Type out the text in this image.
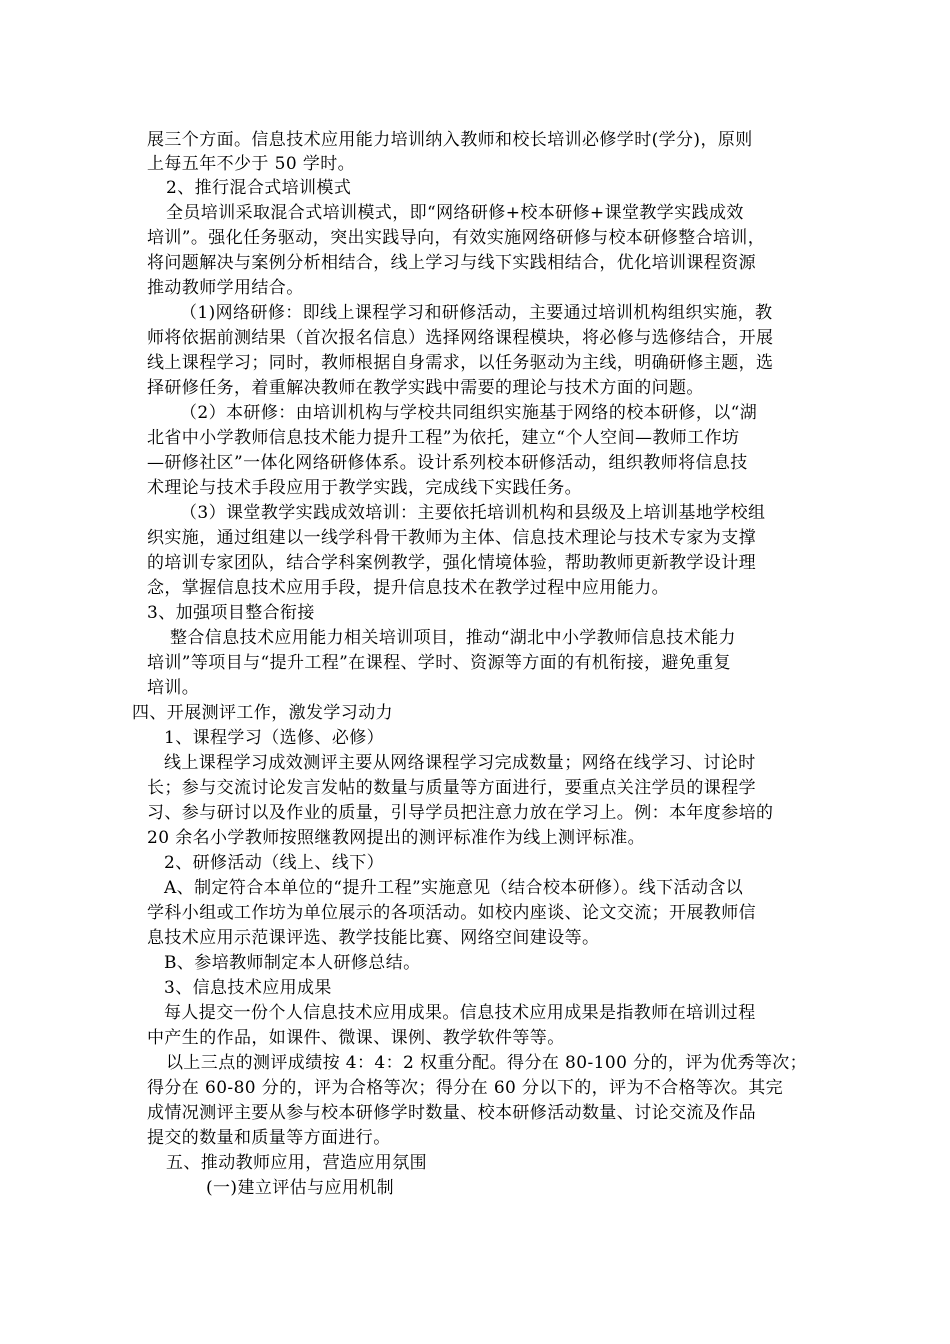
展三个方面。信息技术应用能力培训纳入教师和校长培训必修学时(学分)，原则
上每五年不少于 50 学时。
2、推行混合式培训模式
全员培训采取混合式培训模式，即“网络研修+校本研修+课堂教学实践成效
培训”。强化任务驱动，突出实践导向，有效实施网络研修与校本研修整合培训，
将问题解决与案例分析相结合，线上学习与线下实践相结合，优化培训课程资源
推动教师学用结合。
（1)网络研修：即线上课程学习和研修活动，主要通过培训机构组织实施，教
师将依据前测结果（首次报名信息）选择网络课程模块，将必修与选修结合，开展
线上课程学习；同时，教师根据自身需求，以任务驱动为主线，明确研修主题，选
择研修任务，着重解决教师在教学实践中需要的理论与技术方面的问题。
（2）本研修：由培训机构与学校共同组织实施基于网络的校本研修，以“湖
北省中小学教师信息技术能力提升工程”为依托，建立“个人空间—教师工作坊
—研修社区”一体化网络研修体系。设计系列校本研修活动，组织教师将信息技
术理论与技术手段应用于教学实践，完成线下实践任务。
（3）课堂教学实践成效培训：主要依托培训机构和县级及上培训基地学校组
织实施，通过组建以一线学科骨干教师为主体、信息技术理论与技术专家为支撑
的培训专家团队，结合学科案例教学，强化情境体验，帮助教师更新教学设计理
念，掌握信息技术应用手段，提升信息技术在教学过程中应用能力。
3、加强项目整合衔接
整合信息技术应用能力相关培训项目，推动“湖北中小学教师信息技术能力
培训”等项目与“提升工程”在课程、学时、资源等方面的有机衔接，避免重复
培训。
四、开展测评工作，激发学习动力
1、课程学习（选修、必修）
线上课程学习成效测评主要从网络课程学习完成数量；网络在线学习、讨论时
长；参与交流讨论发言发帖的数量与质量等方面进行，要重点关注学员的课程学
习、参与研讨以及作业的质量，引导学员把注意力放在学习上。例：本年度参培的
20 余名小学教师按照继教网提出的测评标准作为线上测评标准。
2、研修活动（线上、线下）
A、制定符合本单位的“提升工程”实施意见（结合校本研修）。线下活动含以
学科小组或工作坊为单位展示的各项活动。如校内座谈、论文交流；开展教师信
息技术应用示范课评选、教学技能比赛、网络空间建设等。
B、参培教师制定本人研修总结。
3、信息技术应用成果
每人提交一份个人信息技术应用成果。信息技术应用成果是指教师在培训过程
中产生的作品，如课件、微课、课例、教学软件等等。
以上三点的测评成绩按 4：4：2 权重分配。得分在 80-100 分的，评为优秀等次；
得分在 60-80 分的，评为合格等次；得分在 60 分以下的，评为不合格等次。其完
成情况测评主要从参与校本研修学时数量、校本研修活动数量、讨论交流及作品
提交的数量和质量等方面进行。
五、推动教师应用，营造应用氛围
(一)建立评估与应用机制
